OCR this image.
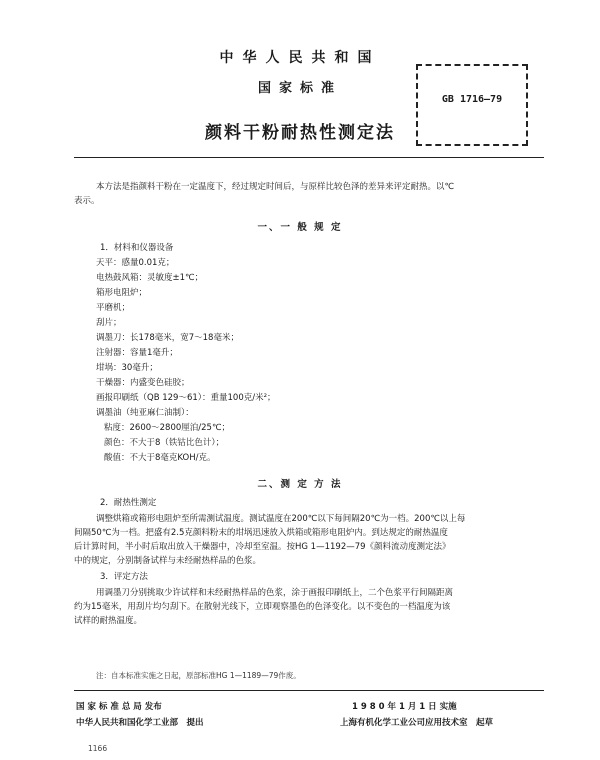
中华人民共和国
国家标准
颜料干粉耐热性测定法
GB 1716—79
本方法是指颜料干粉在一定温度下，经过规定时间后，与原样比较色泽的差异来评定耐热。以℃
表示。
一、一 般 规 定
1．材料和仪器设备
天平：感量0.01克；
电热鼓风箱：灵敏度±1℃；
箱形电阻炉；
平磨机；
刮片；
调墨刀：长178毫米，宽7～18毫米；
注射器：容量1毫升；
坩埚：30毫升；
干燥器：内盛变色硅胶；
画报印刷纸（QB 129～61）：重量100克/米²；
调墨油（纯亚麻仁油制）：
粘度：2600～2800厘泊/25℃；
颜色：不大于8（铁钴比色计）；
酸值：不大于8毫克KOH/克。
二、测 定 方 法
2．耐热性测定
调整烘箱或箱形电阻炉至所需测试温度。测试温度在200℃以下每间隔20℃为一档。200℃以上每
间隔50℃为一档。把盛有2.5克颜料粉末的坩埚迅速放入烘箱或箱形电阻炉内。到达规定的耐热温度
后计算时间，半小时后取出放入干燥器中，冷却至室温。按HG 1—1192—79《颜料流动度测定法》
中的规定，分别制备试样与未经耐热样品的色浆。
3．评定方法
用调墨刀分别挑取少许试样和未经耐热样品的色浆，涂于画报印刷纸上，二个色浆平行间隔距离
约为15毫米，用刮片均匀刮下。在散射光线下，立即观察墨色的色泽变化。以不变色的一档温度为该
试样的耐热温度。
注：自本标准实施之日起，原部标准HG 1—1189—79作废。
国 家 标 准 总 局 发布
中华人民共和国化学工业部　提出
1 9 8 0 年 1 月 1 日 实施
上海有机化学工业公司应用技术室　起草
1166
